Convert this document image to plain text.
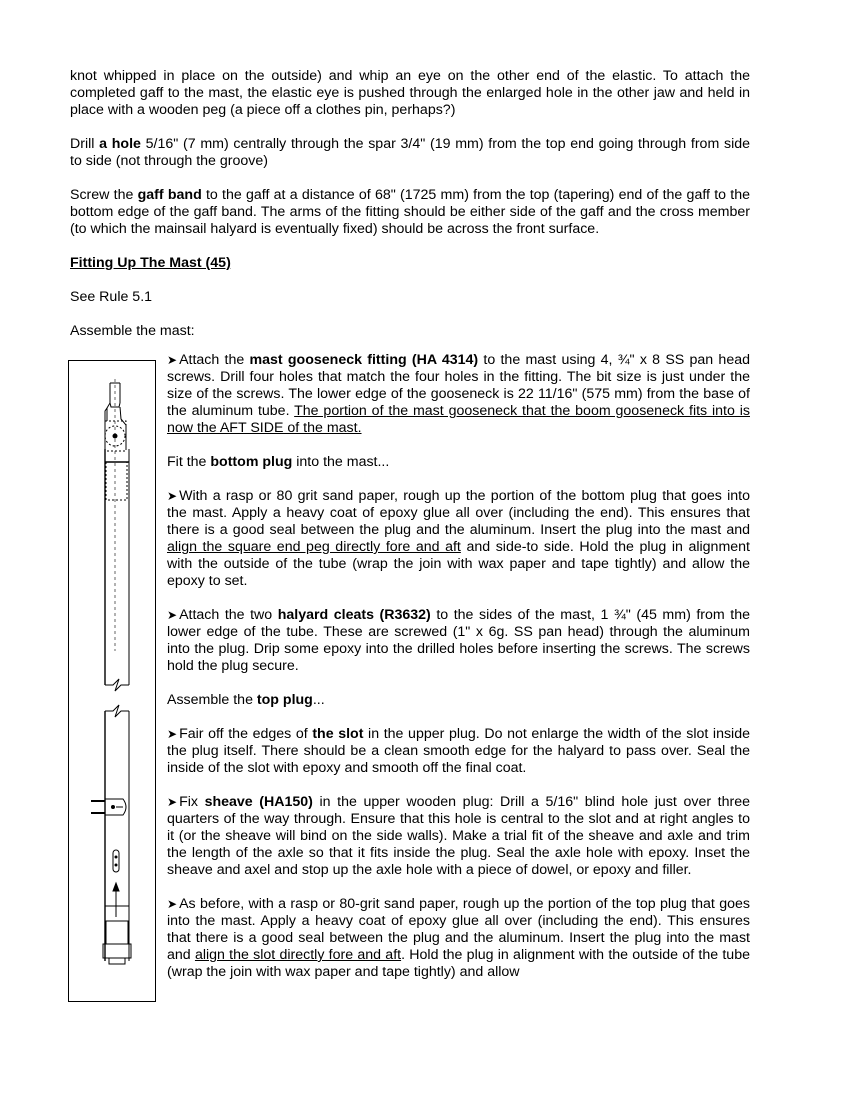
knot whipped in place on the outside) and whip an eye on the other end of the elastic. To attach the completed gaff to the mast, the elastic eye is pushed through the enlarged hole in the other jaw and held in place with a wooden peg (a piece off a clothes pin, perhaps?)

Drill a hole 5/16" (7 mm) centrally through the spar 3/4" (19 mm) from the top end going through from side to side (not through the groove)

Screw the gaff band to the gaff at a distance of 68" (1725 mm) from the top (tapering) end of the gaff to the bottom edge of the gaff band. The arms of the fitting should be either side of the gaff and the cross member (to which the mainsail halyard is eventually fixed) should be across the front surface.

Fitting Up The Mast (45)

See Rule 5.1

Assemble the mast:

➤ Attach the mast gooseneck fitting (HA 4314) to the mast using 4, ¾" x 8 SS pan head screws. Drill four holes that match the four holes in the fitting. The bit size is just under the size of the screws. The lower edge of the gooseneck is 22 11/16" (575 mm) from the base of the aluminum tube. The portion of the mast gooseneck that the boom gooseneck fits into is now the AFT SIDE of the mast.

Fit the bottom plug into the mast...

➤ With a rasp or 80 grit sand paper, rough up the portion of the bottom plug that goes into the mast. Apply a heavy coat of epoxy glue all over (including the end). This ensures that there is a good seal between the plug and the aluminum. Insert the plug into the mast and align the square end peg directly fore and aft and side-to side. Hold the plug in alignment with the outside of the tube (wrap the join with wax paper and tape tightly) and allow the epoxy to set.

➤ Attach the two halyard cleats (R3632) to the sides of the mast, 1 ¾" (45 mm) from the lower edge of the tube. These are screwed (1" x 6g. SS pan head) through the aluminum into the plug. Drip some epoxy into the drilled holes before inserting the screws. The screws hold the plug secure.

Assemble the top plug...

➤ Fair off the edges of the slot in the upper plug. Do not enlarge the width of the slot inside the plug itself. There should be a clean smooth edge for the halyard to pass over. Seal the inside of the slot with epoxy and smooth off the final coat.

➤ Fix sheave (HA150) in the upper wooden plug: Drill a 5/16" blind hole just over three quarters of the way through. Ensure that this hole is central to the slot and at right angles to it (or the sheave will bind on the side walls). Make a trial fit of the sheave and axle and trim the length of the axle so that it fits inside the plug. Seal the axle hole with epoxy. Inset the sheave and axel and stop up the axle hole with a piece of dowel, or epoxy and filler.

➤ As before, with a rasp or 80-grit sand paper, rough up the portion of the top plug that goes into the mast. Apply a heavy coat of epoxy glue all over (including the end). This ensures that there is a good seal between the plug and the aluminum. Insert the plug into the mast and align the slot directly fore and aft. Hold the plug in alignment with the outside of the tube (wrap the join with wax paper and tape tightly) and allow
